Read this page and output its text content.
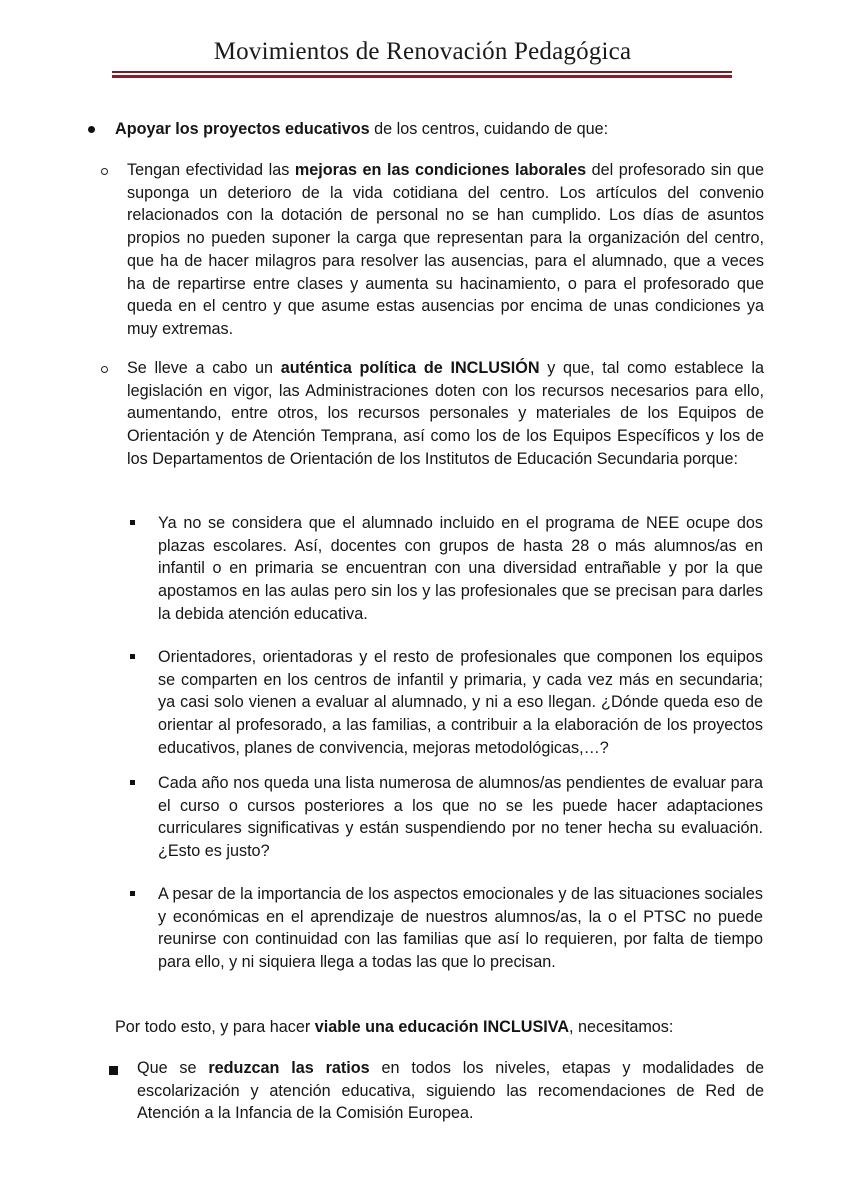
Movimientos de Renovación Pedagógica
Apoyar los proyectos educativos de los centros, cuidando de que:
Tengan efectividad las mejoras en las condiciones laborales del profesorado sin que suponga un deterioro de la vida cotidiana del centro. Los artículos del convenio relacionados con la dotación de personal no se han cumplido. Los días de asuntos propios no pueden suponer la carga que representan para la organización del centro, que ha de hacer milagros para resolver las ausencias, para el alumnado, que a veces ha de repartirse entre clases y aumenta su hacinamiento, o para el profesorado que queda en el centro y que asume estas ausencias por encima de unas condiciones ya muy extremas.
Se lleve a cabo un auténtica política de INCLUSIÓN y que, tal como establece la legislación en vigor, las Administraciones doten con los recursos necesarios para ello, aumentando, entre otros, los recursos personales y materiales de los Equipos de Orientación y de Atención Temprana, así como los de los Equipos Específicos y los de los Departamentos de Orientación de los Institutos de Educación Secundaria porque:
Ya no se considera que el alumnado incluido en el programa de NEE ocupe dos plazas escolares. Así, docentes con grupos de hasta 28 o más alumnos/as en infantil o en primaria se encuentran con una diversidad entrañable y por la que apostamos en las aulas pero sin los y las profesionales que se precisan para darles la debida atención educativa.
Orientadores, orientadoras y el resto de profesionales que componen los equipos se comparten en los centros de infantil y primaria, y cada vez más en secundaria; ya casi solo vienen a evaluar al alumnado, y ni a eso llegan. ¿Dónde queda eso de orientar al profesorado, a las familias, a contribuir a la elaboración de los proyectos educativos, planes de convivencia, mejoras metodológicas,…?
Cada año nos queda una lista numerosa de alumnos/as pendientes de evaluar para el curso o cursos posteriores a los que no se les puede hacer adaptaciones curriculares significativas y están suspendiendo por no tener hecha su evaluación. ¿Esto es justo?
A pesar de la importancia de los aspectos emocionales y de las situaciones sociales y económicas en el aprendizaje de nuestros alumnos/as, la o el PTSC no puede reunirse con continuidad con las familias que así lo requieren, por falta de tiempo para ello, y ni siquiera llega a todas las que lo precisan.
Por todo esto, y para hacer viable una educación INCLUSIVA, necesitamos:
Que se reduzcan las ratios en todos los niveles, etapas y modalidades de escolarización y atención educativa, siguiendo las recomendaciones de Red de Atención a la Infancia de la Comisión Europea.
